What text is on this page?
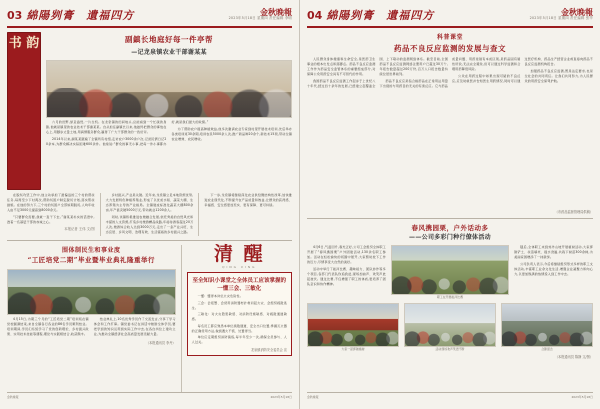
03 綿陽刿膏　遺福四方	金秋晚報
2023年5月18日 星期四 责任编辑 李明
书 韵	副鎮长地庭好每一件亭帮
—记龙泉镇农业干部谢某某

六月的田野,绿意盎然,一片生机。在龙泉镇的田间地头,总能看到一个忙碌的身影,他就是镇里的农业技术干部谢某某。自从担任副镇长以来,他始终把群众的事放在心上,用脚步丈量土地,用真情服务群众,赢得了广大干部群众的一致好评。

2014年以来,謝某某踏遍了全镇所有村组,走访农户3000余户次,记录民情日记20余本,为群众解决实际困难600余件。他常说:“群众的事无小事,把每一件小事都办好,就是我们最大的政绩。”

为了帮助农户提高种植效益,他多次邀请农业专家到村里开展技术培训,先后举办各类培训班30余期,培训农民5000余人次,推广新品种20余个,新技术15项,带动全镇农业增效、农民增收。

在脱贫攻坚工作中,他主动承担了最偏远的三个村的帮扶任务,每周至少下村两次,帮助贫困户制定脱贫计划,落实帮扶措施。在他的努力下,三个村的贫困户全部如期脱贫,人均年收入由不足3000元提高到8000余元。

“只要群众需要,我就一直干下去。”谢某某朴实的话语中,透着一名基层干部的赤诚之心。

本报记者 王伟 文/图

乡村振兴,产业是关键。近年来,龙泉镇立足本地资源优势,大力发展特色种植养殖业,形成了以优质水稻、蔬菜大棚、生态养殖为主导的产业格局。全镇建成标准化蔬菜大棚800余亩,年产值突破5000万元,带动就业1200余人。

同时,该镇积极推进农旅融合发展,依托秀美的自然风光和丰富的人文资源,打造乡村旅游精品线路,年接待游客超过20万人次,旅游综合收入达到3000万元,走出了一条产业兴旺、生态宜居、乡风文明、治理有效、生活富裕的乡村振兴之路。

下一步,龙泉镇将继续深化农业供给侧结构性改革,加快推进农业现代化,不断提升农产品质量和效益,让群众的获得感、幸福感、安全感更加充实、更有保障、更可持续。

围体制民生和事业度
“工匠培党二期”毕业暨毕业典礼隆重举行

4月15日,为期三个月的“工匠培党二期”培训班在镇党校圆满结束,来自全镇各行各业的86名学员顺利结业。培训期间,学员们系统学习了党的创新理论、乡村振兴政策、实用技术技能等课程,理论与实践相结合,收获颇丰。

结业典礼上,10名优秀学员作了交流发言,分享了学习体会和工作打算。镇党委书记在讲话中勉励全体学员,要把学到的知识运用到实际工作中去,在各自岗位上建功立业,为推动全镇经济社会高质量发展贡献力量。

（本报通讯员 李丹）
清 醒
QING XING
至全知识小课堂之全体员工应该掌握的一懂三会、三敏化

一懂：懂得本岗位火灾危险性。

三会：会报警、会使用消防器材扑救初起火灾、会组织疏散逃生。

三敏化：对火灾隐患敏感、对消防设施敏感、对疏散通道敏感。

每名员工都应熟悉本单位疏散通道、安全出口位置,掌握灭火器的正确使用方法,做到遇火不慌、处置得当。

单位应定期组织消防演练,每半年至少一次,确保全员参与、人人过关。

龙泉镇消防安全委员会 宣
金秋晚報	2023年5月18日
04 綿陽刿膏　遺福四方	金秋晚報
2023年5月18日 星期四 责任编辑 张华
科普课堂
药品不良反应监测的发展与查文

人民群众身体健康和生命安全,是医药卫生事业的根本出发点和落脚点。药品不良反应监测工作作为药品安全监管体系的重要组成部分,对保障公众用药安全具有不可替代的作用。

我国药品不良反应监测工作起步于上世纪八十年代,经过四十余年的发展,已经建立起覆盖全国、上下联动的监测网络体系。截至目前,全国药品不良反应监测网络注册用户已超过30万个,年报告数量超过200万份,百万人口报告数量持续位居世界前列。

药品不良反应是指合格药品在正常用法用量下出现的与用药目的无关的有害反应。它与药品质量问题、用药差错有本质区别,是药品固有属性所致,无法完全避免,但可以通过科学监测和合理用药降低风险。

公众在用药过程中如果出现可疑的不良反应,应及时就医并告知医生用药情况,同时可以通过医疗机构、药品生产经营企业或直接向药品不良反应监测机构报告。

加强药品不良反应监测,既是法定要求,也是全社会的共同责任。让我们共同努力,为人民群众的用药安全保驾护航。

（市药品监督管理局供稿）
春风携园栗，户外话动多
——公司多彩门种行僚体活动

4月6日,气温回升,春光正好,公司工会组织全体职工开展了“春风携园栗”户外团建活动,130余名职工参加。活动在轻松愉快的氛围中展开,大家暂时放下工作的压力,尽情享受大自然的美好。

活动中举行了拔河比赛、趣味接力、团队协作等多个项目,各部门代表队你追我赶,现场加油声、欢笑声此起彼伏。通过比赛,不仅增强了职工的体质,更培养了团队意识和协作精神。

职工在开展拔河比赛

随后,全体职工来到郊外山坡开展植树活动,大家挥锹铲土、扶苗填坑、提水浇灌,共栽下树苗300余株,为美丽家园增添了一抹新绿。

公司负责人表示,今后将继续组织形式多样的职工文体活动,丰富职工业余文化生活,增强企业凝聚力和向心力,以更加饱满的热情投入到工作中去。

大家一起挥锹植树	活动现场欢声笑语不断	合影留念
（本报通讯员 陈静 文/图）
金秋晚報	2023年5月18日
